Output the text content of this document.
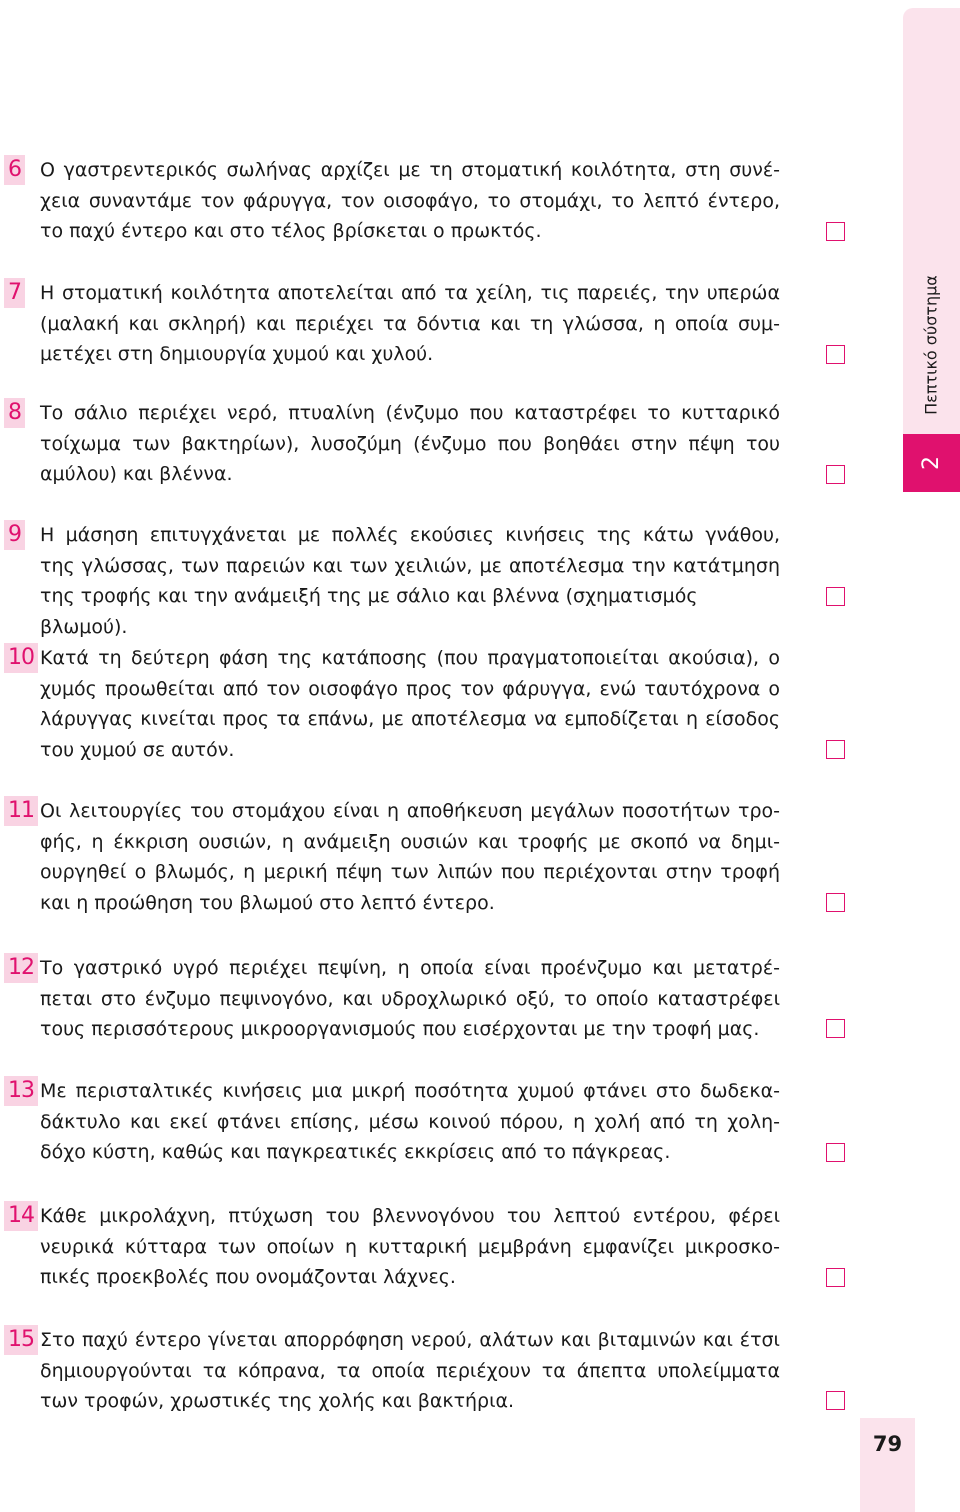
2
Πεπτικό σύστημα
6 Ο γαστρεντερικός σωλήνας αρχίζει με τη στοματική κοιλότητα, στη συνέ-
χεια συναντάμε τον φάρυγγα, τον οισοφάγο, το στομάχι, το λεπτό έντερο,
το παχύ έντερο και στο τέλος βρίσκεται ο πρωκτός.

7 Η στοματική κοιλότητα αποτελείται από τα χείλη, τις παρειές, την υπερώα
(μαλακή και σκληρή) και περιέχει τα δόντια και τη γλώσσα, η οποία συμ-
μετέχει στη δημιουργία χυμού και χυλού.

8 Το σάλιο περιέχει νερό, πτυαλίνη (ένζυμο που καταστρέφει το κυτταρικό
τοίχωμα των βακτηρίων), λυσοζύμη (ένζυμο που βοηθάει στην πέψη του
αμύλου) και βλέννα.

9 Η μάσηση επιτυγχάνεται με πολλές εκούσιες κινήσεις της κάτω γνάθου,
της γλώσσας, των παρειών και των χειλιών, με αποτέλεσμα την κατάτμηση
της τροφής και την ανάμειξή της με σάλιο και βλέννα (σχηματισμός βλωμού).

10 Κατά τη δεύτερη φάση της κατάποσης (που πραγματοποιείται ακούσια), ο
χυμός προωθείται από τον οισοφάγο προς τον φάρυγγα, ενώ ταυτόχρονα ο
λάρυγγας κινείται προς τα επάνω, με αποτέλεσμα να εμποδίζεται η είσοδος
του χυμού σε αυτόν.

11 Οι λειτουργίες του στομάχου είναι η αποθήκευση μεγάλων ποσοτήτων τρο-
φής, η έκκριση ουσιών, η ανάμειξη ουσιών και τροφής με σκοπό να δημι-
ουργηθεί ο βλωμός, η μερική πέψη των λιπών που περιέχονται στην τροφή
και η προώθηση του βλωμού στο λεπτό έντερο.

12 Το γαστρικό υγρό περιέχει πεψίνη, η οποία είναι προένζυμο και μετατρέ-
πεται στο ένζυμο πεψινογόνο, και υδροχλωρικό οξύ, το οποίο καταστρέφει
τους περισσότερους μικροοργανισμούς που εισέρχονται με την τροφή μας.

13 Με περισταλτικές κινήσεις μια μικρή ποσότητα χυμού φτάνει στο δωδεκα-
δάκτυλο και εκεί φτάνει επίσης, μέσω κοινού πόρου, η χολή από τη χολη-
δόχο κύστη, καθώς και παγκρεατικές εκκρίσεις από το πάγκρεας.

14 Κάθε μικρολάχνη, πτύχωση του βλεννογόνου του λεπτού εντέρου, φέρει
νευρικά κύτταρα των οποίων η κυτταρική μεμβράνη εμφανίζει μικροσκο-
πικές προεκβολές που ονομάζονται λάχνες.

15 Στο παχύ έντερο γίνεται απορρόφηση νερού, αλάτων και βιταμινών και έτσι
δημιουργούνται τα κόπρανα, τα οποία περιέχουν τα άπεπτα υπολείμματα
των τροφών, χρωστικές της χολής και βακτήρια.

79
